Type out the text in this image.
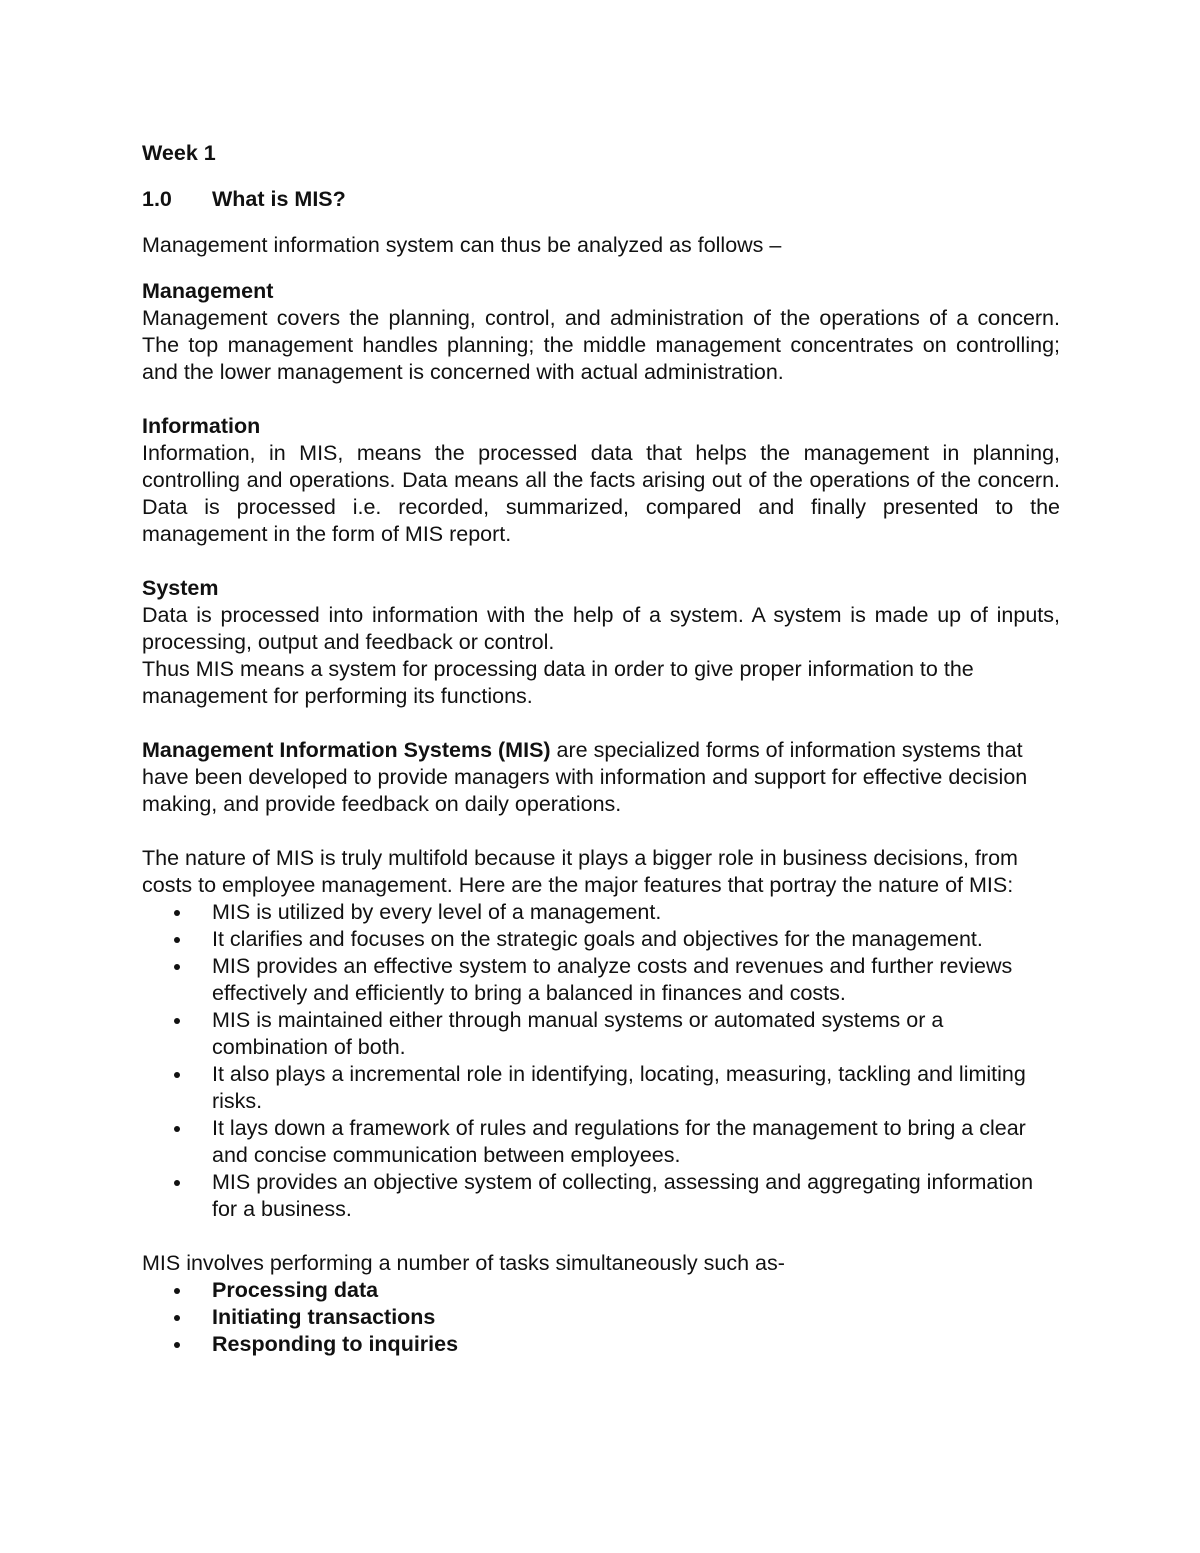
Week 1

1.0	What is MIS?

Management information system can thus be analyzed as follows –

Management

Management covers the planning, control, and administration of the operations of a concern. The top management handles planning; the middle management concentrates on controlling; and the lower management is concerned with actual administration.

Information

Information, in MIS, means the processed data that helps the management in planning, controlling and operations. Data means all the facts arising out of the operations of the concern. Data is processed i.e. recorded, summarized, compared and finally presented to the management in the form of MIS report.

System

Data is processed into information with the help of a system. A system is made up of inputs, processing, output and feedback or control.

Thus MIS means a system for processing data in order to give proper information to the management for performing its functions.

Management Information Systems (MIS) are specialized forms of information systems that have been developed to provide managers with information and support for effective decision making, and provide feedback on daily operations.

The nature of MIS is truly multifold because it plays a bigger role in business decisions, from costs to employee management. Here are the major features that portray the nature of MIS:

MIS is utilized by every level of a management.
It clarifies and focuses on the strategic goals and objectives for the management.
MIS provides an effective system to analyze costs and revenues and further reviews effectively and efficiently to bring a balanced in finances and costs.
MIS is maintained either through manual systems or automated systems or a combination of both.
It also plays a incremental role in identifying, locating, measuring, tackling and limiting risks.
It lays down a framework of rules and regulations for the management to bring a clear and concise communication between employees.
MIS provides an objective system of collecting, assessing and aggregating information for a business.

MIS involves performing a number of tasks simultaneously such as-

Processing data
Initiating transactions
Responding to inquiries
